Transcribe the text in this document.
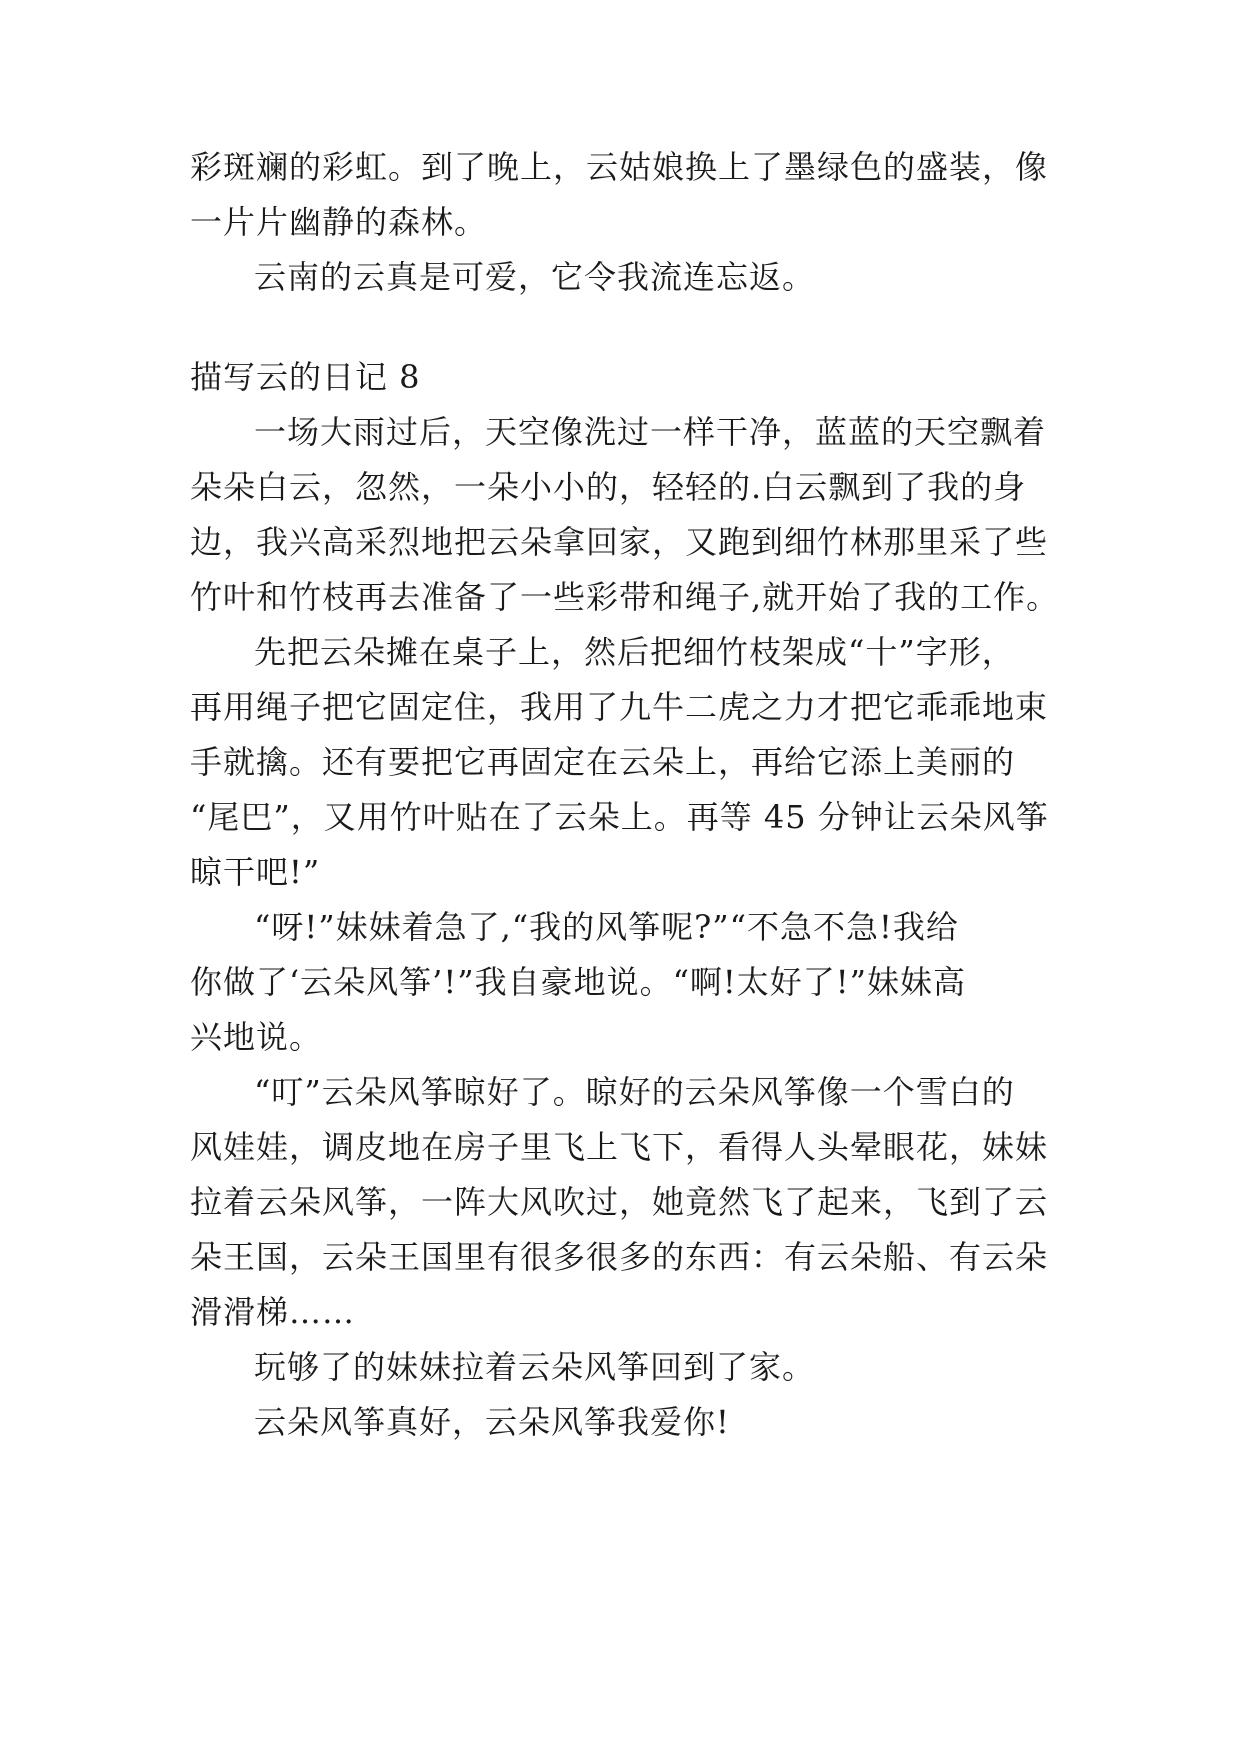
彩斑斓的彩虹。到了晚上，云姑娘换上了墨绿色的盛装，像

一片片幽静的森林。

云南的云真是可爱，它令我流连忘返。

描写云的日记 8

一场大雨过后，天空像洗过一样干净，蓝蓝的天空飘着

朵朵白云，忽然，一朵小小的，轻轻的.白云飘到了我的身

边，我兴高采烈地把云朵拿回家，又跑到细竹林那里采了些

竹叶和竹枝再去准备了一些彩带和绳子,就开始了我的工作。

先把云朵摊在桌子上，然后把细竹枝架成“十”字形，

再用绳子把它固定住，我用了九牛二虎之力才把它乖乖地束

手就擒。还有要把它再固定在云朵上，再给它添上美丽的

“尾巴”，又用竹叶贴在了云朵上。再等 45 分钟让云朵风筝

晾干吧!”

“呀!”妹妹着急了,“我的风筝呢?”“不急不急!我给

你做了‘云朵风筝’!”我自豪地说。“啊!太好了!”妹妹高

兴地说。

“叮”云朵风筝晾好了。晾好的云朵风筝像一个雪白的

风娃娃，调皮地在房子里飞上飞下，看得人头晕眼花，妹妹

拉着云朵风筝，一阵大风吹过，她竟然飞了起来，飞到了云

朵王国，云朵王国里有很多很多的东西：有云朵船、有云朵

滑滑梯……

玩够了的妹妹拉着云朵风筝回到了家。

云朵风筝真好，云朵风筝我爱你!
